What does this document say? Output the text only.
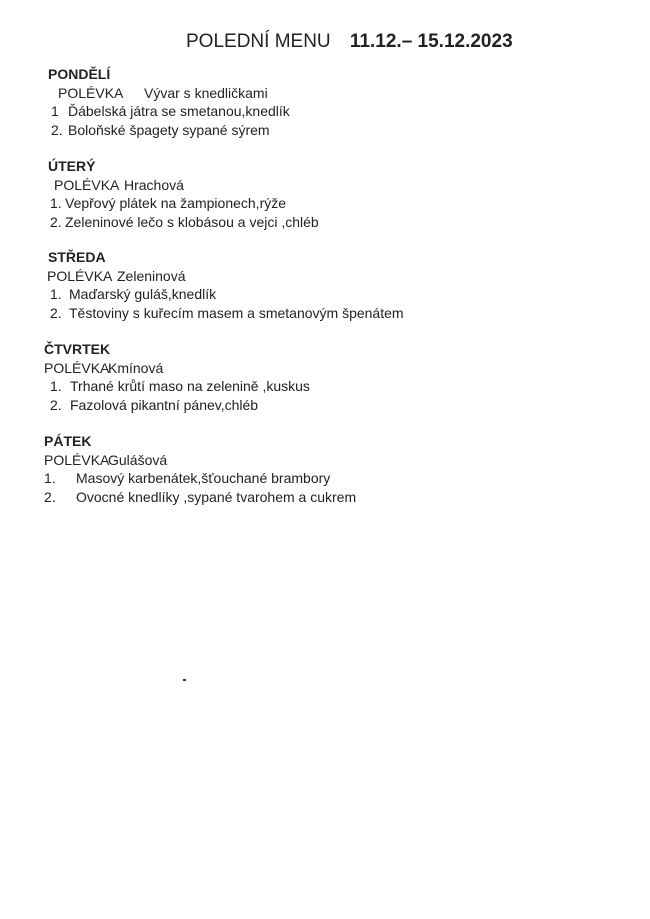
POLEDNÍ MENU 11.12.– 15.12.2023
PONDĚLÍ
POLÉVKA Vývar s knedličkami
1 Ďábelská játra se smetanou,knedlík
2. Boloňské špagety sypané sýrem
ÚTERÝ
POLÉVKA Hrachová
1. Vepřový plátek na žampionech,rýže
2. Zeleninové lečo s klobásou a vejci ,chléb
STŘEDA
POLÉVKA Zeleninová
1. Maďarský guláš,knedlík
2. Těstoviny s kuřecím masem a smetanovým špenátem
ČTVRTEK
POLÉVKAKmínová
1. Trhané krůtí maso na zelenině ,kuskus
2. Fazolová pikantní pánev,chléb
PÁTEK
POLÉVKAGulášová
1. Masový karbenátek,šťouchané brambory
2. Ovocné knedlíky ,sypané tvarohem a cukrem
